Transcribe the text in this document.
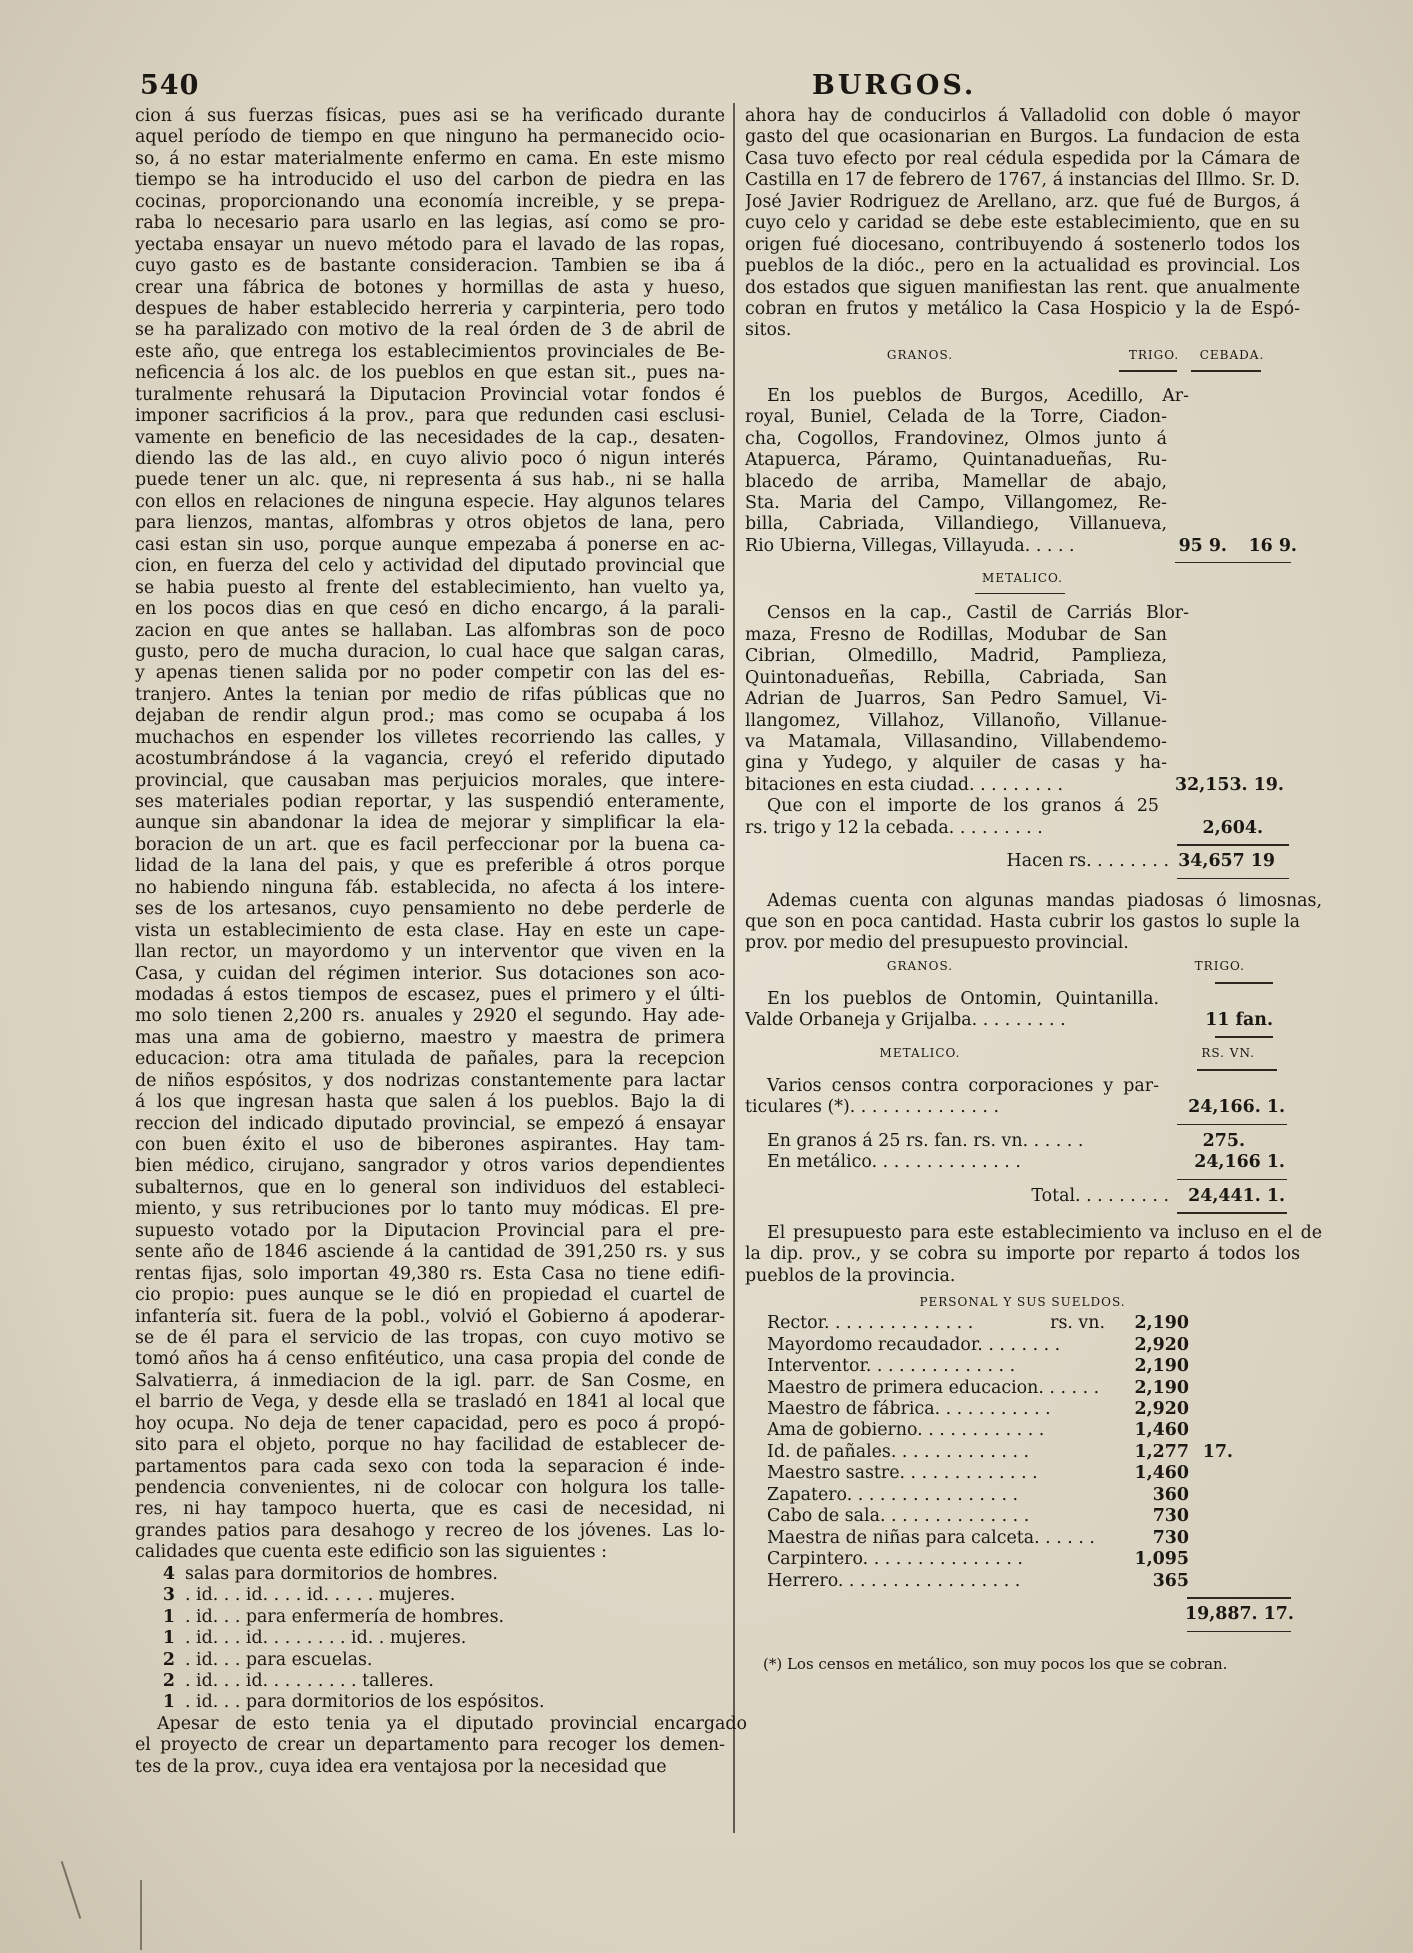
540	BURGOS.
cion á sus fuerzas físicas, pues asi se ha verificado durante
aquel período de tiempo en que ninguno ha permanecido ocio-
so, á no estar materialmente enfermo en cama. En este mismo
tiempo se ha introducido el uso del carbon de piedra en las
cocinas, proporcionando una economía increible, y se prepa-
raba lo necesario para usarlo en las legias, así como se pro-
yectaba ensayar un nuevo método para el lavado de las ropas,
cuyo gasto es de bastante consideracion. Tambien se iba á
crear una fábrica de botones y hormillas de asta y hueso,
despues de haber establecido herreria y carpinteria, pero todo
se ha paralizado con motivo de la real órden de 3 de abril de
este año, que entrega los establecimientos provinciales de Be-
neficencia á los alc. de los pueblos en que estan sit., pues na-
turalmente rehusará la Diputacion Provincial votar fondos é
imponer sacrificios á la prov., para que redunden casi esclusi-
vamente en beneficio de las necesidades de la cap., desaten-
diendo las de las ald., en cuyo alivio poco ó nigun interés
puede tener un alc. que, ni representa á sus hab., ni se halla
con ellos en relaciones de ninguna especie. Hay algunos telares
para lienzos, mantas, alfombras y otros objetos de lana, pero
casi estan sin uso, porque aunque empezaba á ponerse en ac-
cion, en fuerza del celo y actividad del diputado provincial que
se habia puesto al frente del establecimiento, han vuelto ya,
en los pocos dias en que cesó en dicho encargo, á la parali-
zacion en que antes se hallaban. Las alfombras son de poco
gusto, pero de mucha duracion, lo cual hace que salgan caras,
y apenas tienen salida por no poder competir con las del es-
tranjero. Antes la tenian por medio de rifas públicas que no
dejaban de rendir algun prod.; mas como se ocupaba á los
muchachos en espender los villetes recorriendo las calles, y
acostumbrándose á la vagancia, creyó el referido diputado
provincial, que causaban mas perjuicios morales, que intere-
ses materiales podian reportar, y las suspendió enteramente,
aunque sin abandonar la idea de mejorar y simplificar la ela-
boracion de un art. que es facil perfeccionar por la buena ca-
lidad de la lana del pais, y que es preferible á otros porque
no habiendo ninguna fáb. establecida, no afecta á los intere-
ses de los artesanos, cuyo pensamiento no debe perderle de
vista un establecimiento de esta clase. Hay en este un cape-
llan rector, un mayordomo y un interventor que viven en la
Casa, y cuidan del régimen interior. Sus dotaciones son aco-
modadas á estos tiempos de escasez, pues el primero y el últi-
mo solo tienen 2,200 rs. anuales y 2920 el segundo. Hay ade-
mas una ama de gobierno, maestro y maestra de primera
educacion: otra ama titulada de pañales, para la recepcion
de niños espósitos, y dos nodrizas constantemente para lactar
á los que ingresan hasta que salen á los pueblos. Bajo la di
reccion del indicado diputado provincial, se empezó á ensayar
con buen éxito el uso de biberones aspirantes. Hay tam-
bien médico, cirujano, sangrador y otros varios dependientes
subalternos, que en lo general son individuos del estableci-
miento, y sus retribuciones por lo tanto muy módicas. El pre-
supuesto votado por la Diputacion Provincial para el pre-
sente año de 1846 asciende á la cantidad de 391,250 rs. y sus
rentas fijas, solo importan 49,380 rs. Esta Casa no tiene edifi-
cio propio: pues aunque se le dió en propiedad el cuartel de
infantería sit. fuera de la pobl., volvió el Gobierno á apoderar-
se de él para el servicio de las tropas, con cuyo motivo se
tomó años ha á censo enfitéutico, una casa propia del conde de
Salvatierra, á inmediacion de la igl. parr. de San Cosme, en
el barrio de Vega, y desde ella se trasladó en 1841 al local que
hoy ocupa. No deja de tener capacidad, pero es poco á propó-
sito para el objeto, porque no hay facilidad de establecer de-
partamentos para cada sexo con toda la separacion é inde-
pendencia convenientes, ni de colocar con holgura los talle-
res, ni hay tampoco huerta, que es casi de necesidad, ni
grandes patios para desahogo y recreo de los jóvenes. Las lo-
calidades que cuenta este edificio son las siguientes :
4 salas para dormitorios de hombres.
3 . id. . . id. . . . id. . . . . mujeres.
1 . id. . . para enfermería de hombres.
1 . id. . . id. . . . . . . . id. . mujeres.
2 . id. . . para escuelas.
2 . id. . . id. . . . . . . . . talleres.
1 . id. . . para dormitorios de los espósitos.
Apesar de esto tenia ya el diputado provincial encargado
el proyecto de crear un departamento para recoger los demen-
tes de la prov., cuya idea era ventajosa por la necesidad que
ahora hay de conducirlos á Valladolid con doble ó mayor
gasto del que ocasionarian en Burgos. La fundacion de esta
Casa tuvo efecto por real cédula espedida por la Cámara de
Castilla en 17 de febrero de 1767, á instancias del Illmo. Sr. D.
José Javier Rodriguez de Arellano, arz. que fué de Burgos, á
cuyo celo y caridad se debe este establecimiento, que en su
origen fué diocesano, contribuyendo á sostenerlo todos los
pueblos de la dióc., pero en la actualidad es provincial. Los
dos estados que siguen manifiestan las rent. que anualmente
cobran en frutos y metálico la Casa Hospicio y la de Espó-
sitos.
GRANOS.	TRIGO.	CEBADA.
En los pueblos de Burgos, Acedillo, Ar-
royal, Buniel, Celada de la Torre, Ciadon-
cha, Cogollos, Frandovinez, Olmos junto á
Atapuerca, Páramo, Quintanadueñas, Ru-
blacedo de arriba, Mamellar de abajo,
Sta. Maria del Campo, Villangomez, Re-
billa, Cabriada, Villandiego, Villanueva,
Rio Ubierna, Villegas, Villayuda. . . . .	95 9.	16 9.
METALICO.
Censos en la cap., Castil de Carriás Blor-
maza, Fresno de Rodillas, Modubar de San
Cibrian, Olmedillo, Madrid, Pamplieza,
Quintonadueñas, Rebilla, Cabriada, San
Adrian de Juarros, San Pedro Samuel, Vi-
llangomez, Villahoz, Villanoño, Villanue-
va Matamala, Villasandino, Villabendemo-
gina y Yudego, y alquiler de casas y ha-
bitaciones en esta ciudad. . . . . . . . .	32,153. 19.
Que con el importe de los granos á 25
rs. trigo y 12 la cebada. . . . . . . . .	2,604.
Hacen rs. . . . . . . . 34,657 19
Ademas cuenta con algunas mandas piadosas ó limosnas,
que son en poca cantidad. Hasta cubrir los gastos lo suple la
prov. por medio del presupuesto provincial.
GRANOS.	TRIGO.
En los pueblos de Ontomin, Quintanilla.
Valde Orbaneja y Grijalba. . . . . . . . .	11 fan.
METALICO.	RS. VN.
Varios censos contra corporaciones y par-
ticulares (*). . . . . . . . . . . . . .	24,166. 1.
En granos á 25 rs. fan. rs. vn. . . . . .	275.
En metálico. . . . . . . . . . . . . .	24,166 1.
Total. . . . . . . . .	24,441. 1.
El presupuesto para este establecimiento va incluso en el de
la dip. prov., y se cobra su importe por reparto á todos los
pueblos de la provincia.
PERSONAL Y SUS SUELDOS.
Rector. . . . . . . . . . . . . .	rs. vn.	2,190
Mayordomo recaudador. . . . . . . .	2,920
Interventor. . . . . . . . . . . . . .	2,190
Maestro de primera educacion. . . . . .	2,190
Maestro de fábrica. . . . . . . . . . .	2,920
Ama de gobierno. . . . . . . . . . . .	1,460
Id. de pañales. . . . . . . . . . . . .	1,277 17.
Maestro sastre. . . . . . . . . . . . .	1,460
Zapatero. . . . . . . . . . . . . . . .	360
Cabo de sala. . . . . . . . . . . . . .	730
Maestra de niñas para calceta. . . . . .	730
Carpintero. . . . . . . . . . . . . . .	1,095
Herrero. . . . . . . . . . . . . . . . .	365
19,887. 17.
(*) Los censos en metálico, son muy pocos los que se cobran.
